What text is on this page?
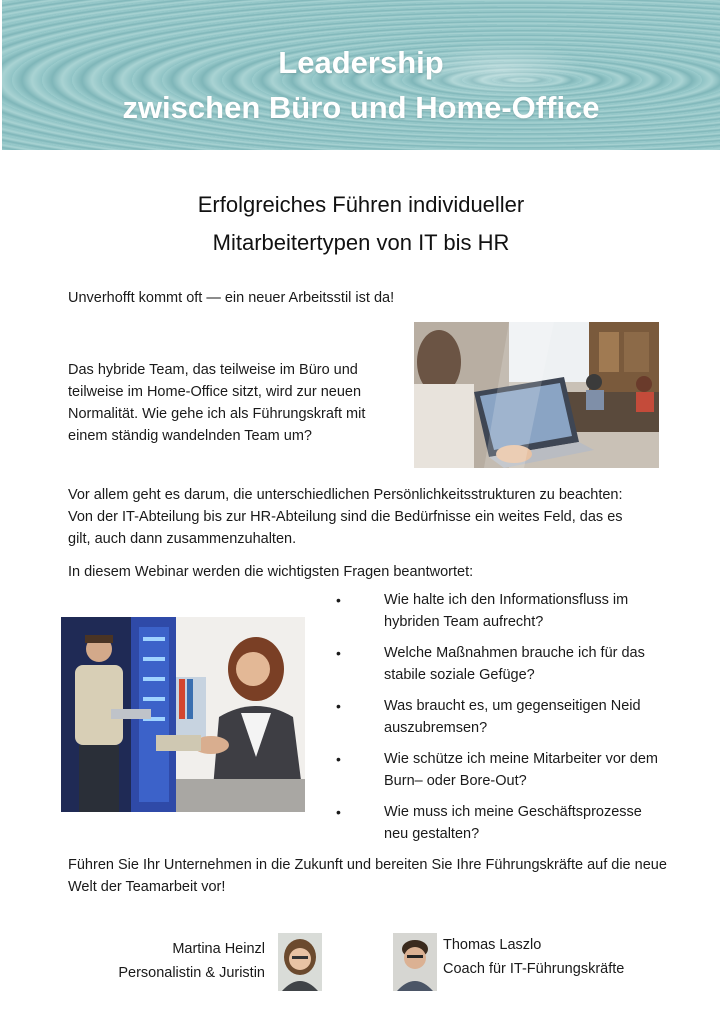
Leadership
zwischen Büro und Home-Office
Erfolgreiches Führen individueller
Mitarbeitertypen von IT bis HR

Unverhofft kommt oft — ein neuer Arbeitsstil ist da!

Das hybride Team, das teilweise im Büro und teilweise im Home-Office sitzt, wird zur neuen Normalität. Wie gehe ich als Führungskraft mit einem ständig wandelnden Team um?

Vor allem geht es darum, die unterschiedlichen Persönlichkeitsstrukturen zu beachten: Von der IT-Abteilung bis zur HR-Abteilung sind die Bedürfnisse ein weites Feld, das es gilt, auch dann zusammenzuhalten.

In diesem Webinar werden die wichtigsten Fragen beantwortet:

•	Wie halte ich den Informationsfluss im hybriden Team aufrecht?
•	Welche Maßnahmen brauche ich für das stabile soziale Gefüge?
•	Was braucht es, um gegenseitigen Neid auszubremsen?
•	Wie schütze ich meine Mitarbeiter vor dem Burn– oder Bore-Out?
•	Wie muss ich meine Geschäftsprozesse neu gestalten?

Führen Sie Ihr Unternehmen in die Zukunft und bereiten Sie Ihre Führungskräfte auf die neue Welt der Teamarbeit vor!

Martina Heinzl
Personalistin & Juristin
Thomas Laszlo
Coach für IT-Führungskräfte
